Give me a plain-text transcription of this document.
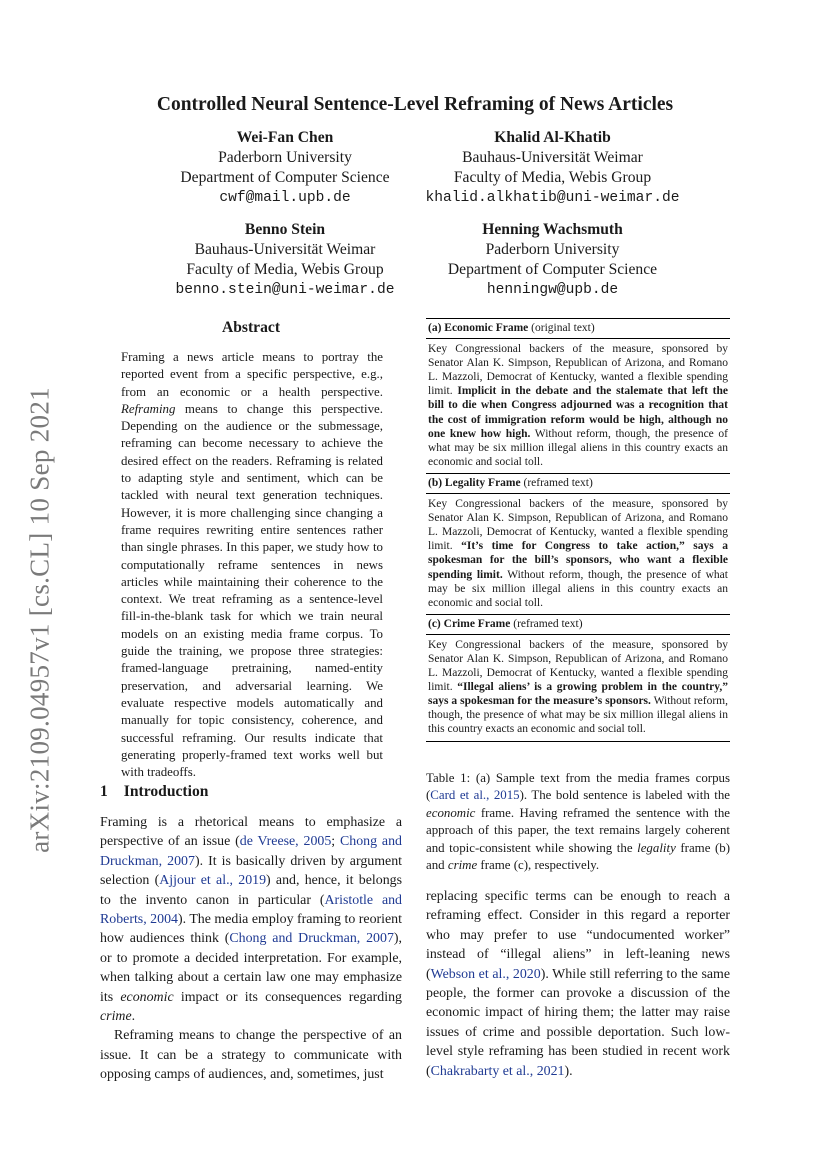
arXiv:2109.04957v1 [cs.CL] 10 Sep 2021
Controlled Neural Sentence-Level Reframing of News Articles
Wei-Fan Chen
Paderborn University
Department of Computer Science
cwf@mail.upb.de
Khalid Al-Khatib
Bauhaus-Universität Weimar
Faculty of Media, Webis Group
khalid.alkhatib@uni-weimar.de
Benno Stein
Bauhaus-Universität Weimar
Faculty of Media, Webis Group
benno.stein@uni-weimar.de
Henning Wachsmuth
Paderborn University
Department of Computer Science
henningw@upb.de
Abstract
Framing a news article means to portray the reported event from a specific perspective, e.g., from an economic or a health perspective. Reframing means to change this perspective. Depending on the audience or the submessage, reframing can become necessary to achieve the desired effect on the readers. Reframing is related to adapting style and sentiment, which can be tackled with neural text generation techniques. However, it is more challenging since changing a frame requires rewriting entire sentences rather than single phrases. In this paper, we study how to computationally reframe sentences in news articles while maintaining their coherence to the context. We treat reframing as a sentence-level fill-in-the-blank task for which we train neural models on an existing media frame corpus. To guide the training, we propose three strategies: framed-language pretraining, named-entity preservation, and adversarial learning. We evaluate respective models automatically and manually for topic consistency, coherence, and successful reframing. Our results indicate that generating properly-framed text works well but with tradeoffs.
1 Introduction

Framing is a rhetorical means to emphasize a perspective of an issue (de Vreese, 2005; Chong and Druckman, 2007). It is basically driven by argument selection (Ajjour et al., 2019) and, hence, it belongs to the invento canon in particular (Aristotle and Roberts, 2004). The media employ framing to reorient how audiences think (Chong and Druckman, 2007), or to promote a decided interpretation. For example, when talking about a certain law one may emphasize its economic impact or its consequences regarding crime.

Reframing means to change the perspective of an issue. It can be a strategy to communicate with opposing camps of audiences, and, sometimes, just

(a) Economic Frame (original text)
Key Congressional backers of the measure, sponsored by Senator Alan K. Simpson, Republican of Arizona, and Romano L. Mazzoli, Democrat of Kentucky, wanted a flexible spending limit. Implicit in the debate and the stalemate that left the bill to die when Congress adjourned was a recognition that the cost of immigration reform would be high, although no one knew how high. Without reform, though, the presence of what may be six million illegal aliens in this country exacts an economic and social toll.
(b) Legality Frame (reframed text)
Key Congressional backers of the measure, sponsored by Senator Alan K. Simpson, Republican of Arizona, and Romano L. Mazzoli, Democrat of Kentucky, wanted a flexible spending limit. “It’s time for Congress to take action,” says a spokesman for the bill’s sponsors, who want a flexible spending limit. Without reform, though, the presence of what may be six million illegal aliens in this country exacts an economic and social toll.
(c) Crime Frame (reframed text)
Key Congressional backers of the measure, sponsored by Senator Alan K. Simpson, Republican of Arizona, and Romano L. Mazzoli, Democrat of Kentucky, wanted a flexible spending limit. “Illegal aliens’ is a growing problem in the country,” says a spokesman for the measure’s sponsors. Without reform, though, the presence of what may be six million illegal aliens in this country exacts an economic and social toll.
Table 1: (a) Sample text from the media frames corpus (Card et al., 2015). The bold sentence is labeled with the economic frame. Having reframed the sentence with the approach of this paper, the text remains largely coherent and topic-consistent while showing the legality frame (b) and crime frame (c), respectively.

replacing specific terms can be enough to reach a reframing effect. Consider in this regard a reporter who may prefer to use “undocumented worker” instead of “illegal aliens” in left-leaning news (Webson et al., 2020). While still referring to the same people, the former can provoke a discussion of the economic impact of hiring them; the latter may raise issues of crime and possible deportation. Such low-level style reframing has been studied in recent work (Chakrabarty et al., 2021).
